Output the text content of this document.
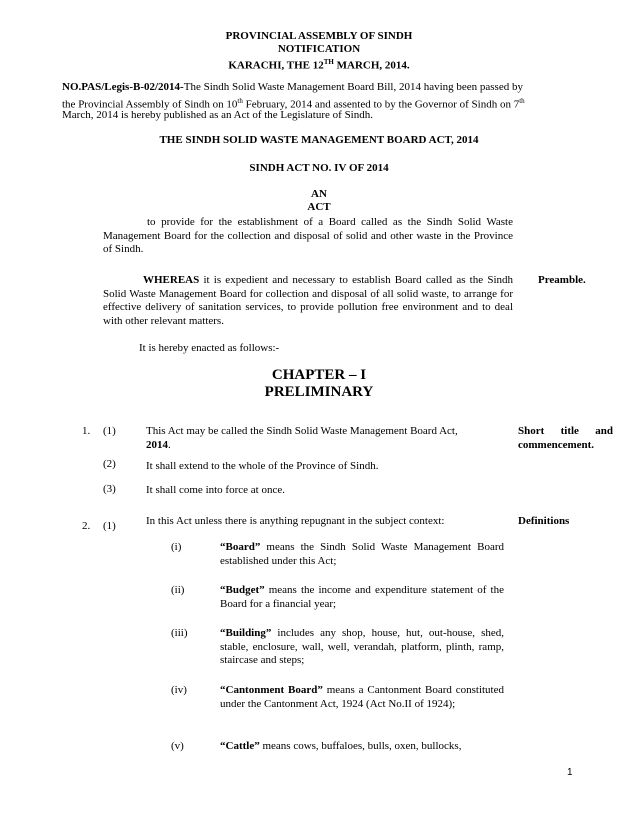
PROVINCIAL ASSEMBLY OF SINDH
NOTIFICATION
KARACHI, THE 12TH MARCH, 2014.
NO.PAS/Legis-B-02/2014-The Sindh Solid Waste Management Board Bill, 2014 having been passed by
the Provincial Assembly of Sindh on 10th February, 2014 and assented to by the Governor of Sindh on 7th
March, 2014 is hereby published as an Act of the Legislature of Sindh.
THE SINDH SOLID WASTE MANAGEMENT BOARD ACT, 2014
SINDH ACT NO. IV OF 2014
AN
ACT
to provide for the establishment of a Board called as the Sindh Solid Waste Management Board for the collection and disposal of solid and other waste in the Province of Sindh.
WHEREAS it is expedient and necessary to establish Board called as the Sindh Solid Waste Management Board for collection and disposal of all solid waste, to arrange for effective delivery of sanitation services, to provide pollution free environment and to deal with other relevant matters.
Preamble.
It is hereby enacted as follows:-
CHAPTER – I
PRELIMINARY
1. (1)	This Act may be called the Sindh Solid Waste Management Board Act,
2014.
Short title and commencement.
(2)	It shall extend to the whole of the Province of Sindh.
(3)	It shall come into force at once.
2. (1)	In this Act unless there is anything repugnant in the subject context:	Definitions
(i)	“Board” means the Sindh Solid Waste Management Board established under this Act;
(ii)	“Budget” means the income and expenditure statement of the Board for a financial year;
(iii)	“Building” includes any shop, house, hut, out-house, shed, stable, enclosure, wall, well, verandah, platform, plinth, ramp, staircase and steps;
(iv)	“Cantonment Board” means a Cantonment Board constituted under the Cantonment Act, 1924 (Act No.II of 1924);
(v)	“Cattle” means cows, buffaloes, bulls, oxen, bullocks,
1
